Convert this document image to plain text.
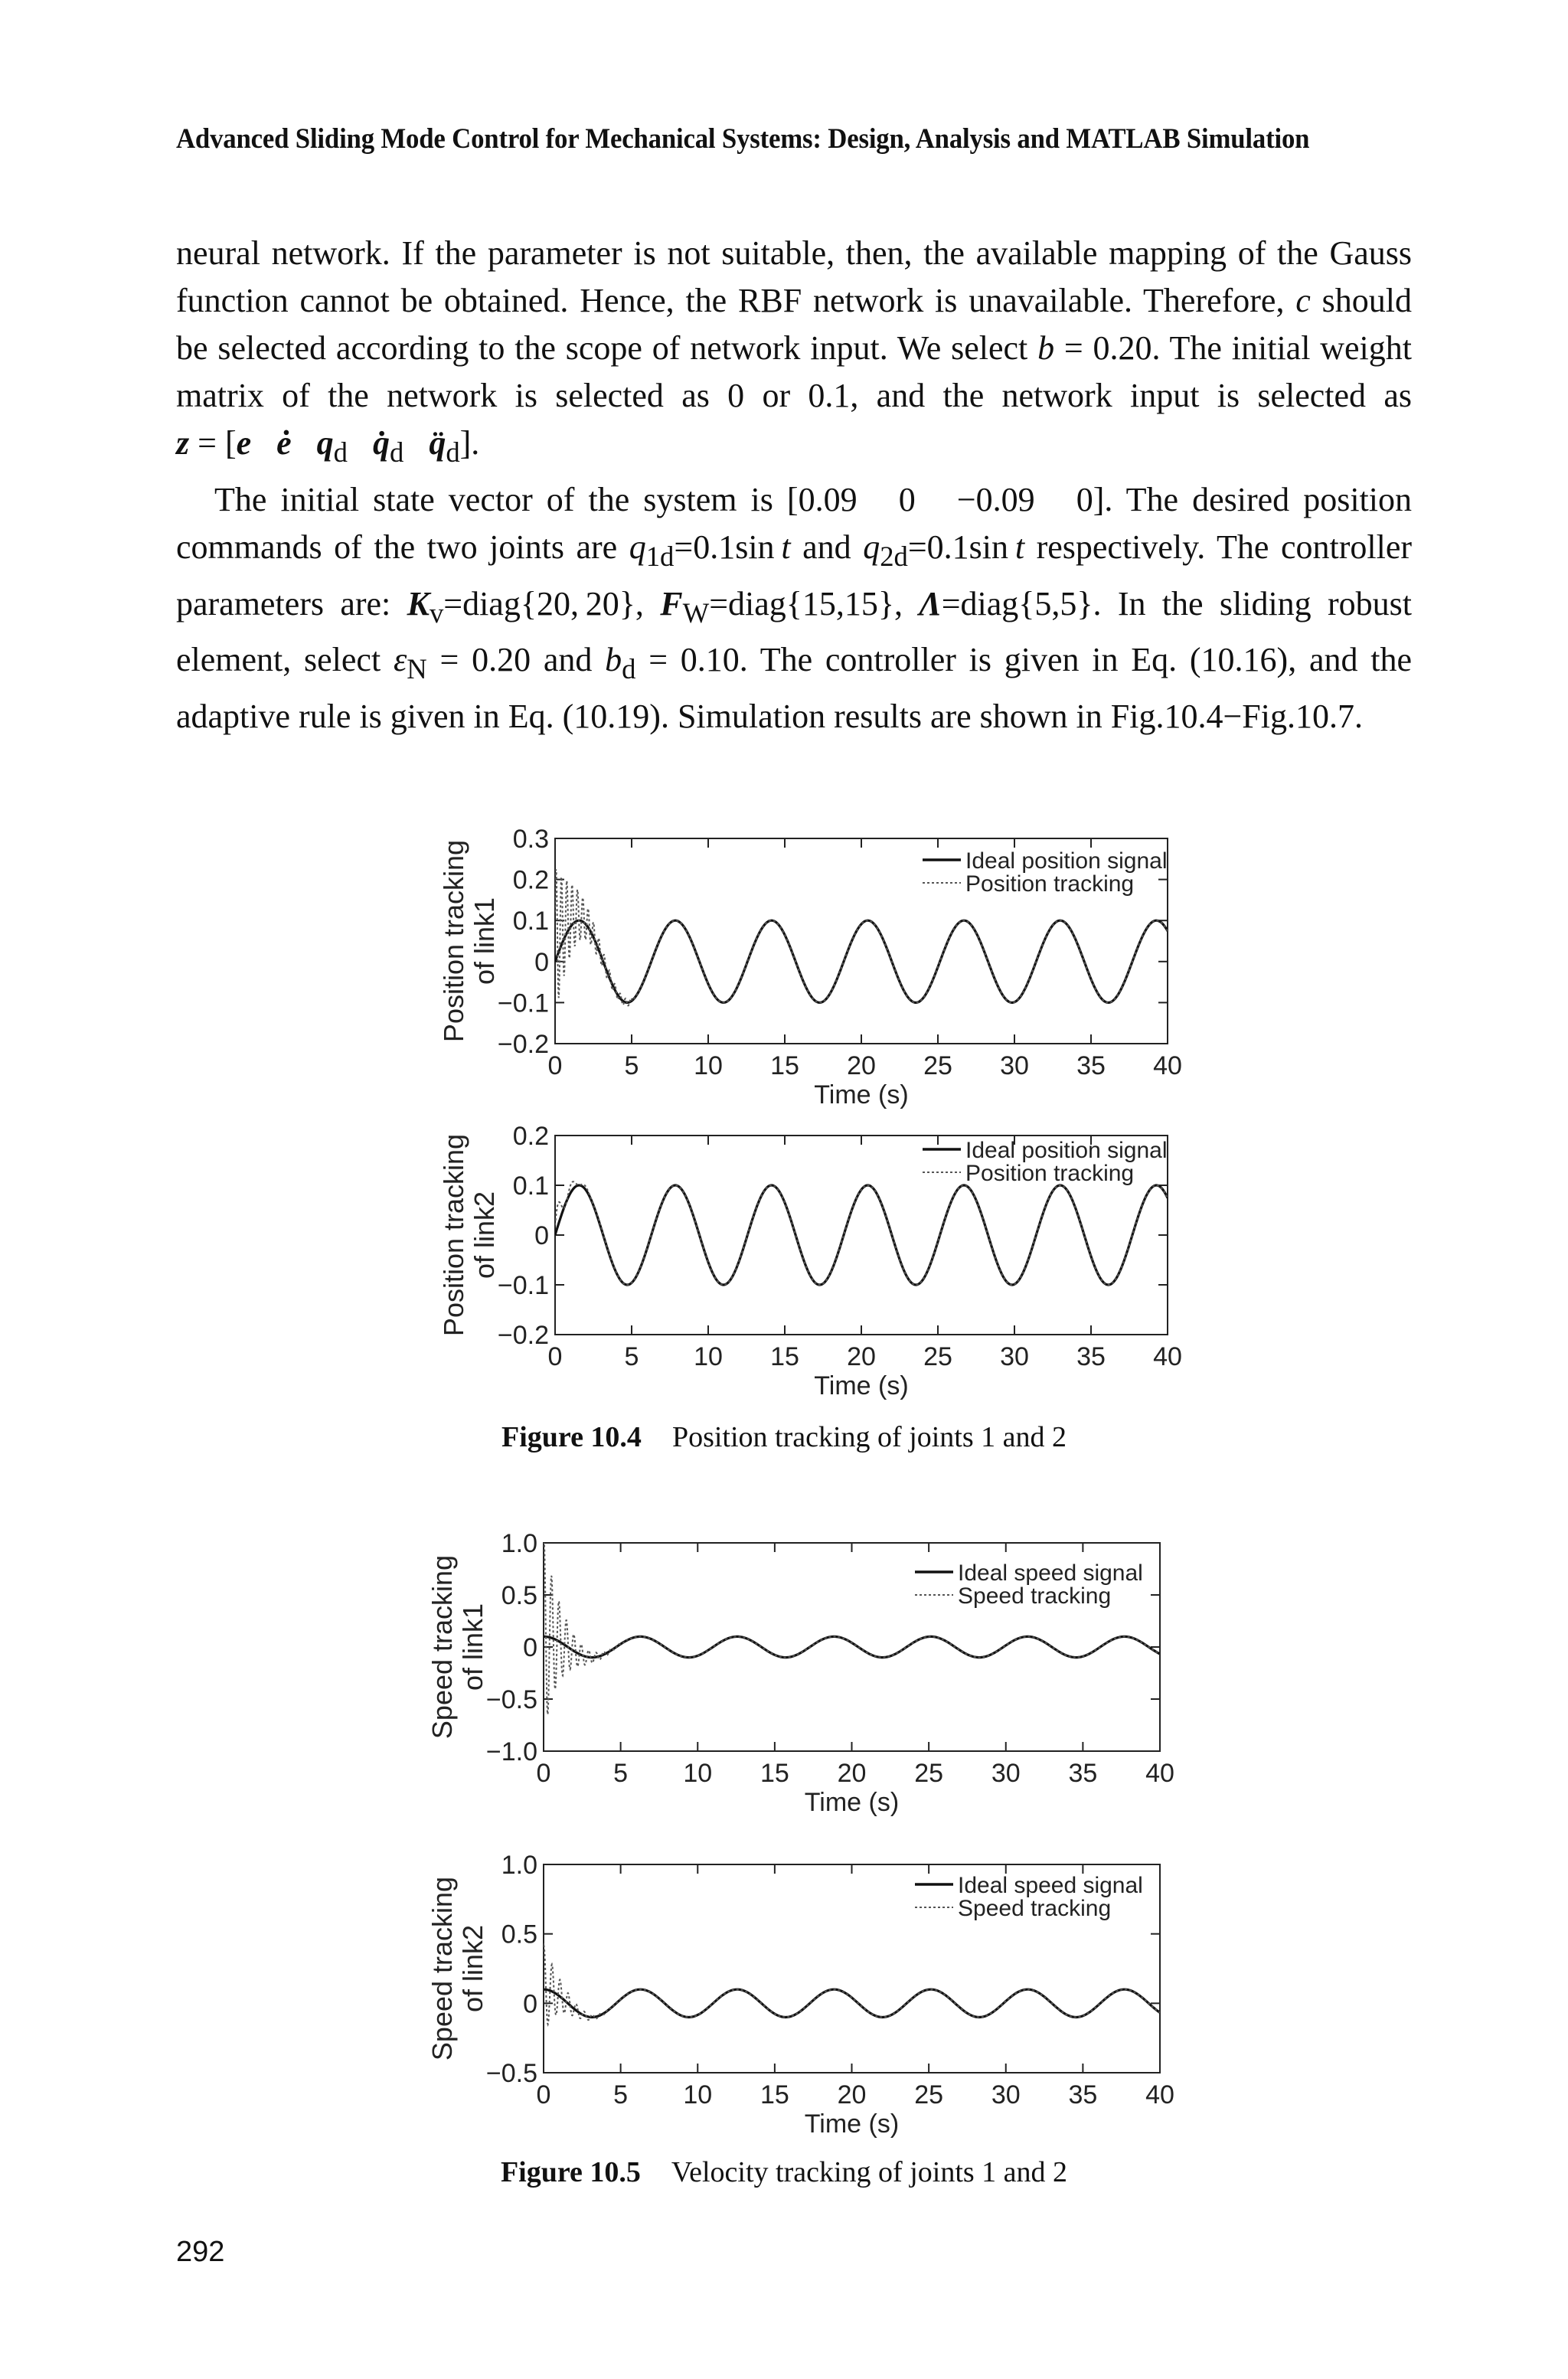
Advanced Sliding Mode Control for Mechanical Systems: Design, Analysis and MATLAB Simulation

neural network. If the parameter is not suitable, then, the available mapping of the Gauss function cannot be obtained. Hence, the RBF network is unavailable. Therefore, c should be selected according to the scope of network input. We select b = 0.20. The initial weight matrix of the network is selected as 0 or 0.1, and the network input is selected as z = [e ė $q_d$ $q̇_d$ $q̈_d$].

The initial state vector of the system is [0.09   0   −0.09   0]. The desired position commands of the two joints are $q_{1d}=0.1\sin$ t and $q_{2d}=0.1\sin$ t respectively. The controller parameters are: $K_v=diag\{20$, 20}, $F_W=diag\{15,15\}$, Λ=diag{5,5}. In the sliding robust element, select $\varepsilon_N = 0.20$ and $b_d = 0.10$. The controller is given in Eq. (10.16), and the adaptive rule is given in Eq. (10.19). Simulation results are shown in Fig.10.4−Fig.10.7.

0 5 10 15 20 25 30 35 40
0.3
0.2
0.1
0
−0.1
−0.2
Time (s)
Position trackingof link1
Ideal position signal
Position tracking
0 5 10 15 20 25 30 35 40
0.2
0.1
0
−0.1
−0.2
Time (s)
Position trackingof link2
Ideal position signal
Position tracking
Figure 10.4 Position tracking of joints 1 and 2
0 5 10 15 20 25 30 35 40
1.0
0.5
0
−0.5
−1.0
Time (s)
Speed trackingof link1
Ideal speed signal
Speed tracking
0 5 10 15 20 25 30 35 40
1.0
0.5
0
−0.5
Time (s)
Speed trackingof link2
Ideal speed signal
Speed tracking
Figure 10.5 Velocity tracking of joints 1 and 2
292
